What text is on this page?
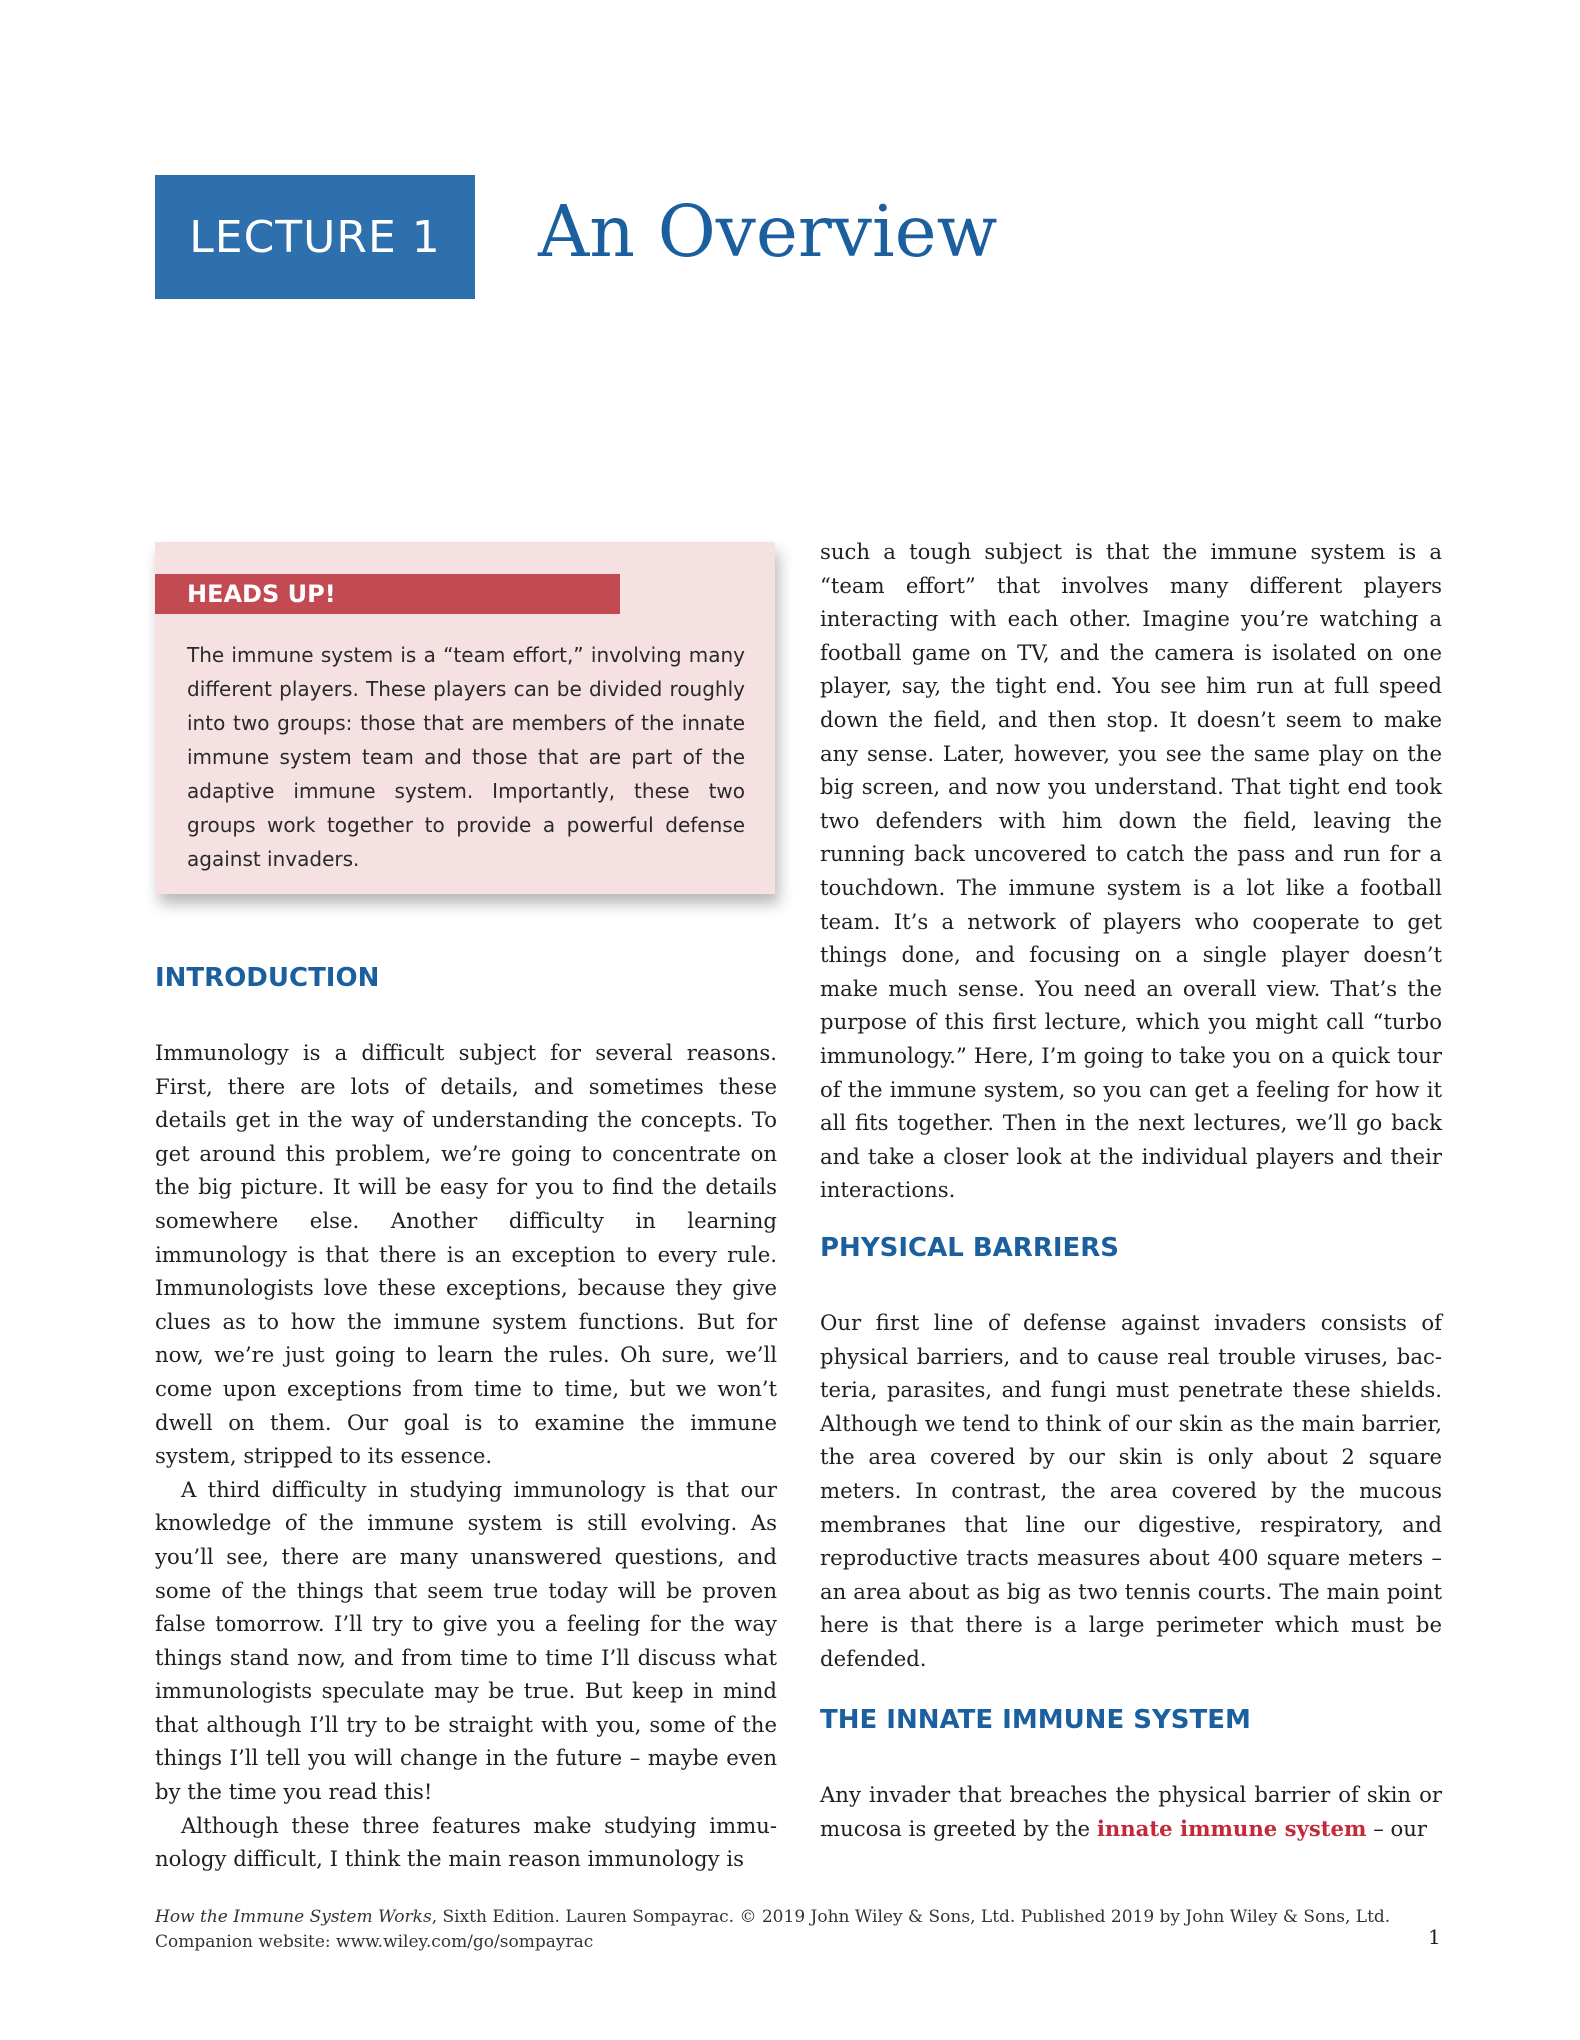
LECTURE 1 An Overview
HEADS UP!

The immune system is a “team effort,” involving many different players. These players can be divided roughly into two groups: those that are members of the innate immune system team and those that are part of the adaptive immune system. Importantly, these two groups work together to provide a powerful defense against invaders.

INTRODUCTION

Immunology is a difficult subject for several reasons. First, there are lots of details, and sometimes these details get in the way of understanding the concepts. To get around this problem, we’re going to concentrate on the big picture. It will be easy for you to find the details somewhere else. Another difficulty in learning immunology is that there is an exception to every rule. Immunologists love these exceptions, because they give clues as to how the immune system functions. But for now, we’re just going to learn the rules. Oh sure, we’ll come upon exceptions from time to time, but we won’t dwell on them. Our goal is to examine the immune system, stripped to its essence.

A third difficulty in studying immunology is that our knowledge of the immune system is still evolving. As you’ll see, there are many unanswered questions, and some of the things that seem true today will be proven false tomorrow. I’ll try to give you a feeling for the way things stand now, and from time to time I’ll discuss what immunologists speculate may be true. But keep in mind that although I’ll try to be straight with you, some of the things I’ll tell you will change in the future – maybe even by the time you read this!

Although these three features make studying immunology difficult, I think the main reason immunology is

such a tough subject is that the immune system is a “team effort” that involves many different players interacting with each other. Imagine you’re watching a football game on TV, and the camera is isolated on one player, say, the tight end. You see him run at full speed down the field, and then stop. It doesn’t seem to make any sense. Later, however, you see the same play on the big screen, and now you understand. That tight end took two defenders with him down the field, leaving the running back uncovered to catch the pass and run for a touchdown. The immune system is a lot like a football team. It’s a network of players who cooperate to get things done, and focusing on a single player doesn’t make much sense. You need an overall view. That’s the purpose of this first lecture, which you might call “turbo immunology.” Here, I’m going to take you on a quick tour of the immune system, so you can get a feeling for how it all fits together. Then in the next lectures, we’ll go back and take a closer look at the individual players and their interactions.

PHYSICAL BARRIERS

Our first line of defense against invaders consists of physical barriers, and to cause real trouble viruses, bacteria, parasites, and fungi must penetrate these shields. Although we tend to think of our skin as the main barrier, the area covered by our skin is only about 2 square meters. In contrast, the area covered by the mucous membranes that line our digestive, respiratory, and reproductive tracts measures about 400 square meters – an area about as big as two tennis courts. The main point here is that there is a large perimeter which must be defended.

THE INNATE IMMUNE SYSTEM

Any invader that breaches the physical barrier of skin or mucosa is greeted by the innate immune system – our

How the Immune System Works, Sixth Edition. Lauren Sompayrac. © 2019 John Wiley & Sons, Ltd. Published 2019 by John Wiley & Sons, Ltd.
Companion website: www.wiley.com/go/sompayrac	1
